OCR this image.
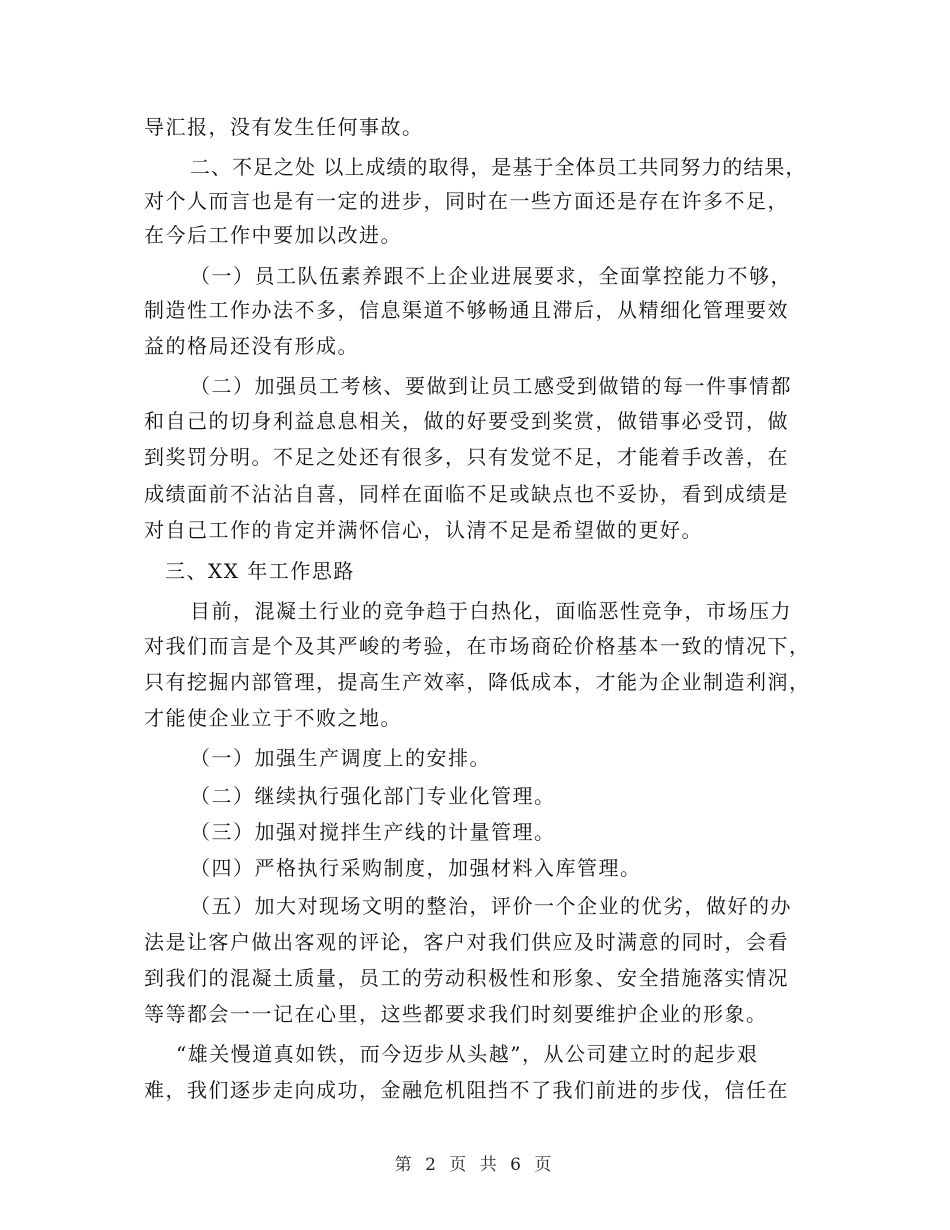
导汇报，没有发生任何事故。
二、不足之处 以上成绩的取得，是基于全体员工共同努力的结果，
对个人而言也是有一定的进步，同时在一些方面还是存在许多不足，
在今后工作中要加以改进。
（一）员工队伍素养跟不上企业进展要求，全面掌控能力不够，
制造性工作办法不多，信息渠道不够畅通且滞后，从精细化管理要效
益的格局还没有形成。
（二）加强员工考核、要做到让员工感受到做错的每一件事情都
和自己的切身利益息息相关，做的好要受到奖赏，做错事必受罚，做
到奖罚分明。不足之处还有很多，只有发觉不足，才能着手改善，在
成绩面前不沾沾自喜，同样在面临不足或缺点也不妥协，看到成绩是
对自己工作的肯定并满怀信心，认清不足是希望做的更好。
三、XX 年工作思路
目前，混凝土行业的竞争趋于白热化，面临恶性竞争，市场压力
对我们而言是个及其严峻的考验，在市场商砼价格基本一致的情况下，
只有挖掘内部管理，提高生产效率，降低成本，才能为企业制造利润，
才能使企业立于不败之地。
（一）加强生产调度上的安排。
（二）继续执行强化部门专业化管理。
（三）加强对搅拌生产线的计量管理。
（四）严格执行采购制度，加强材料入库管理。
（五）加大对现场文明的整治，评价一个企业的优劣，做好的办
法是让客户做出客观的评论，客户对我们供应及时满意的同时，会看
到我们的混凝土质量，员工的劳动积极性和形象、安全措施落实情况
等等都会一一记在心里，这些都要求我们时刻要维护企业的形象。
“雄关慢道真如铁，而今迈步从头越”，从公司建立时的起步艰
难，我们逐步走向成功，金融危机阻挡不了我们前进的步伐，信任在
第 2 页 共 6 页
